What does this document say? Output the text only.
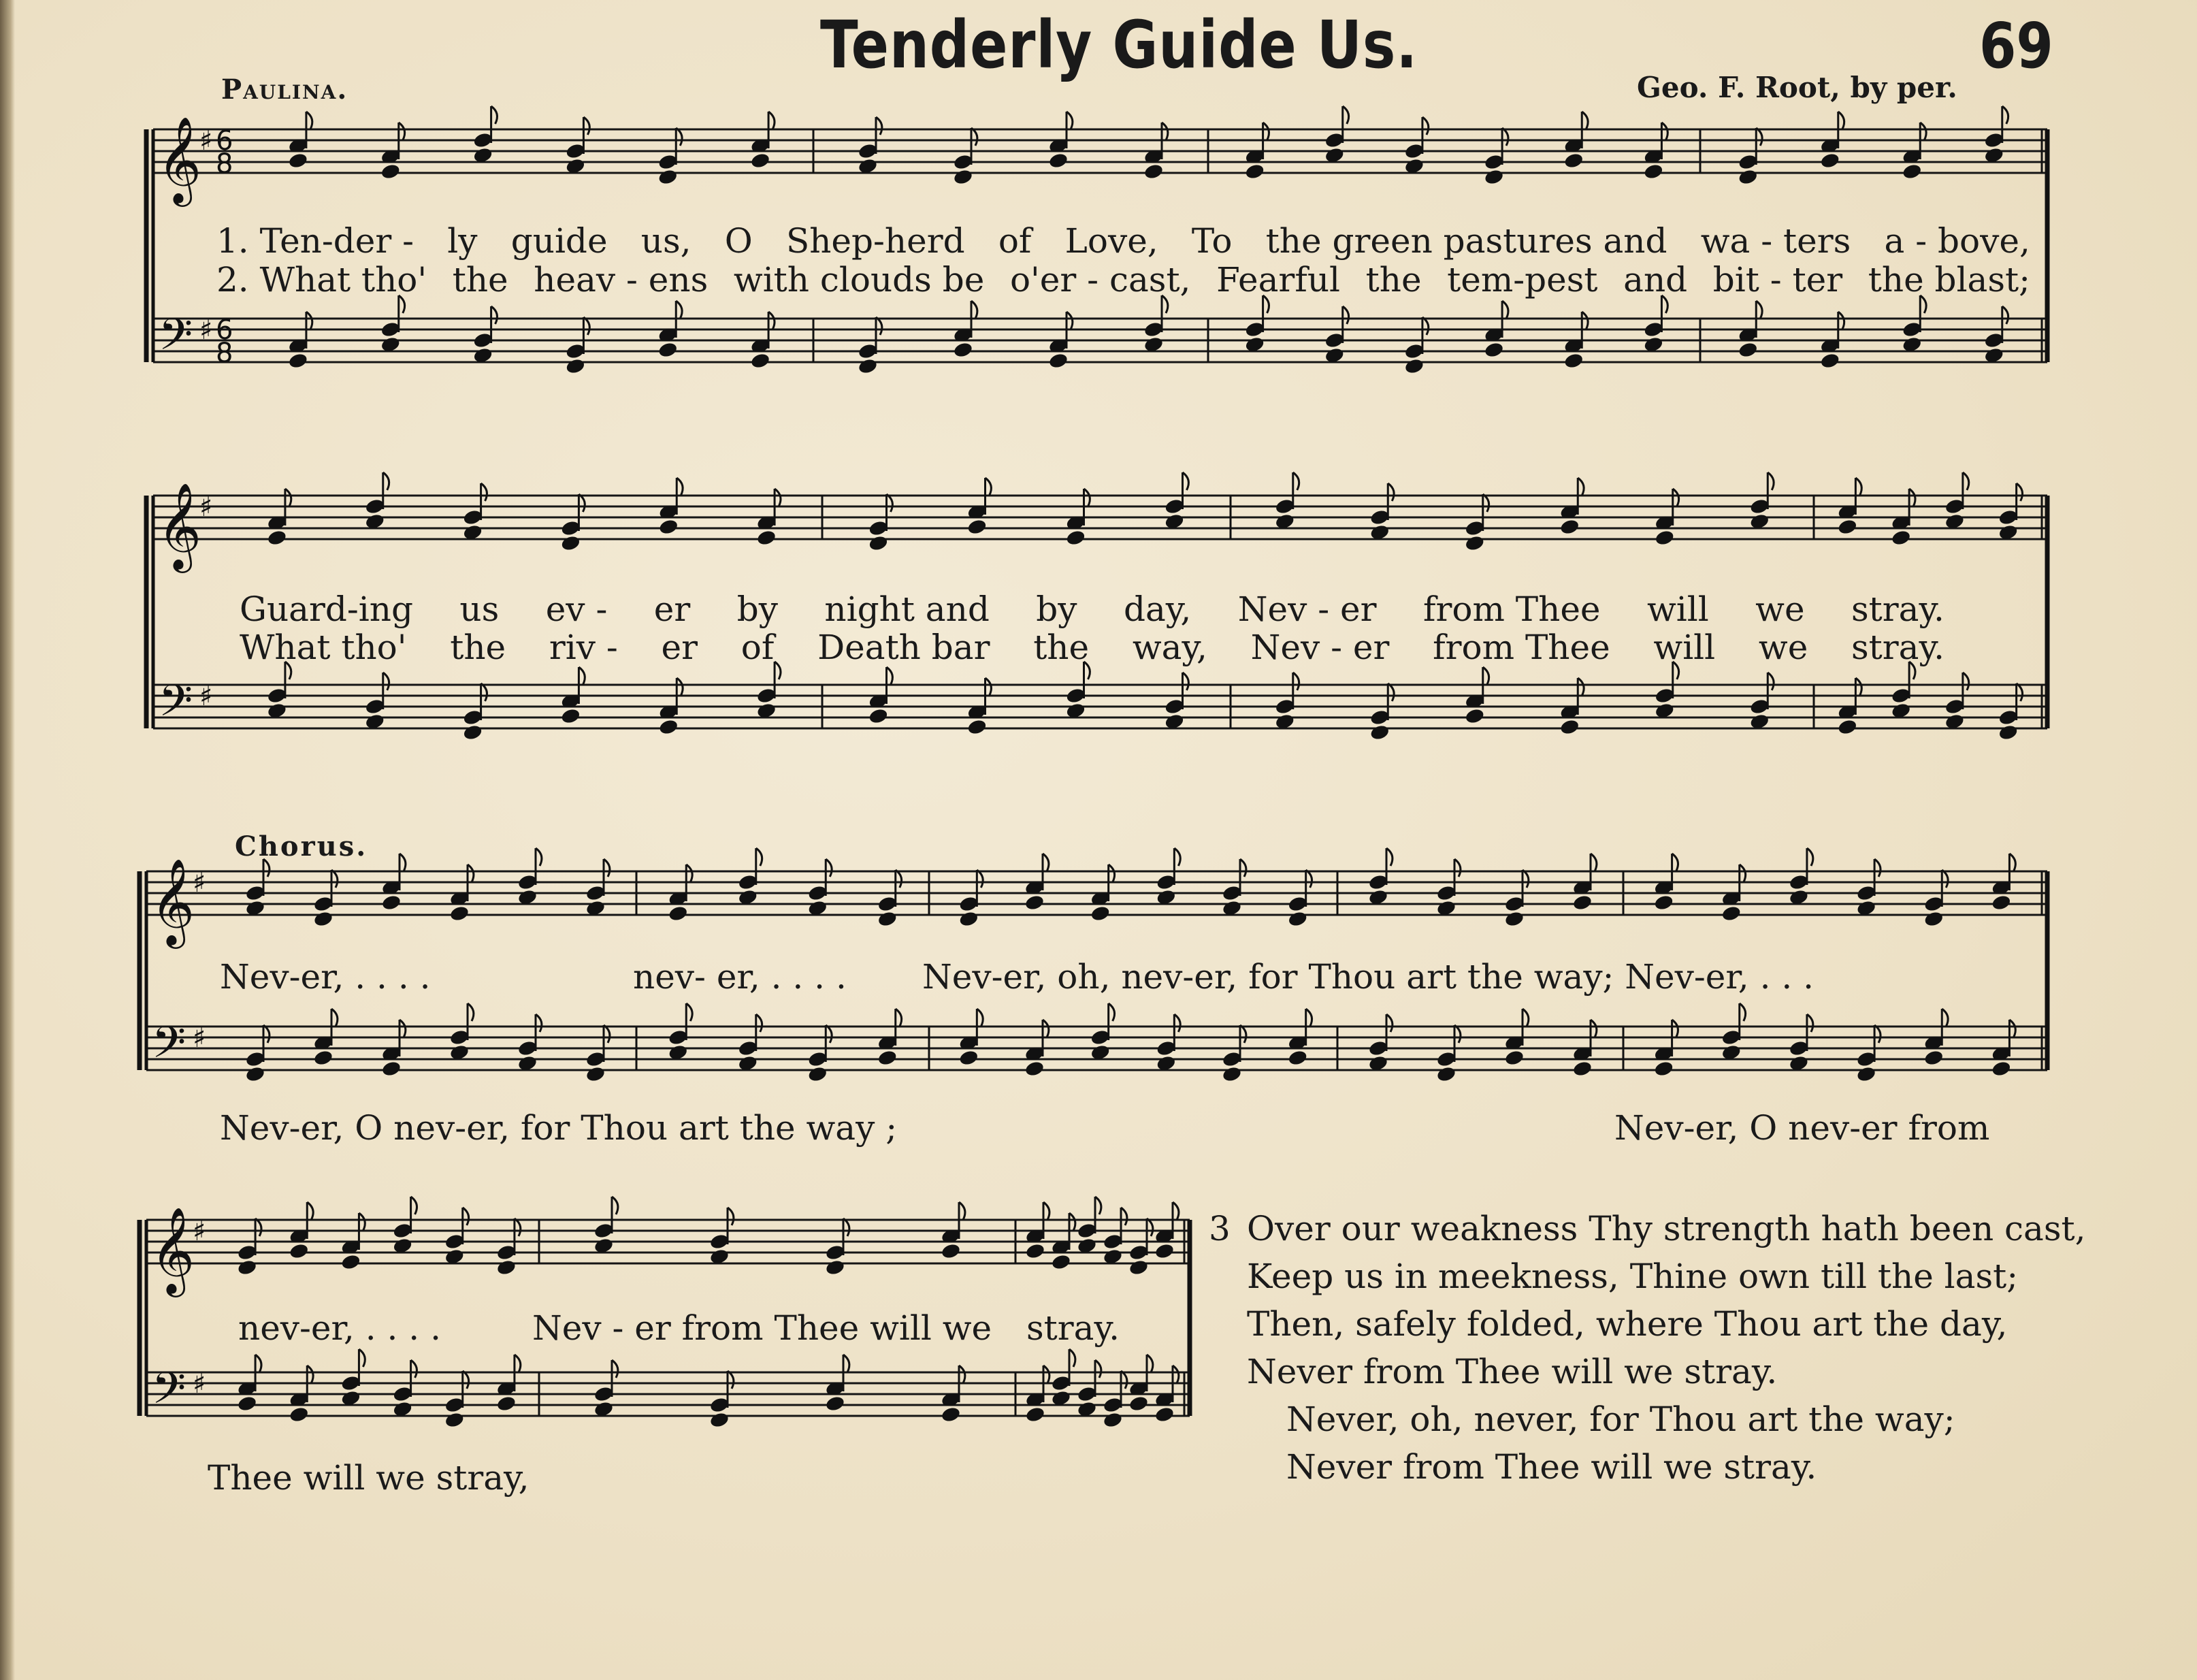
Tenderly Guide Us.	69
Paulina.	Geo. F. Root, by per.
𝄞
𝄢
♯
♯
6
6
8
8
𝄞
𝄢
♯
♯
𝄞
𝄢
♯
♯
𝄞
𝄢
♯
♯
1. Ten-der - ly guide us, O Shep-herd of Love, To the green pastures and wa - ters a - bove,
2. What tho' the heav - ens with clouds be o'er - cast, Fearful the tem-pest and bit - ter the blast;
Guard-ing us ev - er by night and by day, Nev - er from Thee will we stray.
What tho' the riv - er of Death bar the way, Nev - er from Thee will we stray.
Chorus.
Nev-er, . . . .	nev- er, . . . . Nev-er, oh, nev-er, for Thou art the way; Nev-er, . . .
Nev-er, O nev-er, for Thou art the way ;	Nev-er, O nev-er from
nev-er, . . . .	Nev - er from Thee will we stray.
Thee will we stray,
3 Over our weakness Thy strength hath been cast,
Keep us in meekness, Thine own till the last;
Then, safely folded, where Thou art the day,
Never from Thee will we stray.
Never, oh, never, for Thou art the way;
Never from Thee will we stray.
